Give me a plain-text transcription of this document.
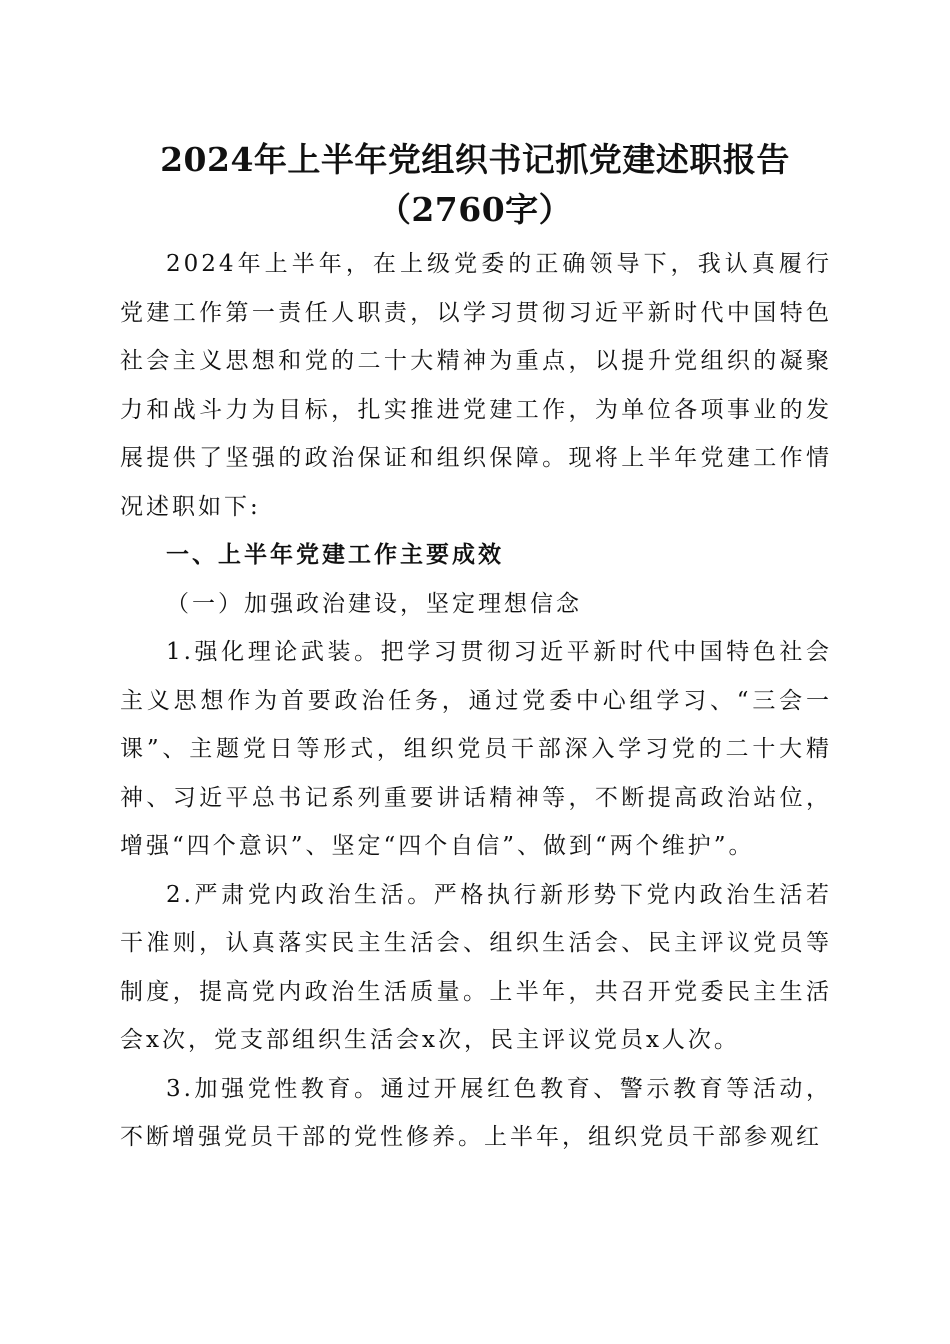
2024年上半年党组织书记抓党建述职报告
（2760字）

2024年上半年，在上级党委的正确领导下，我认真履行党建工作第一责任人职责，以学习贯彻习近平新时代中国特色社会主义思想和党的二十大精神为重点，以提升党组织的凝聚力和战斗力为目标，扎实推进党建工作，为单位各项事业的发展提供了坚强的政治保证和组织保障。现将上半年党建工作情况述职如下:

一、上半年党建工作主要成效

（一）加强政治建设，坚定理想信念

1.强化理论武装。把学习贯彻习近平新时代中国特色社会主义思想作为首要政治任务，通过党委中心组学习、“三会一课”、主题党日等形式，组织党员干部深入学习党的二十大精神、习近平总书记系列重要讲话精神等，不断提高政治站位，增强“四个意识”、坚定“四个自信”、做到“两个维护”。

2.严肃党内政治生活。严格执行新形势下党内政治生活若干准则，认真落实民主生活会、组织生活会、民主评议党员等制度，提高党内政治生活质量。上半年，共召开党委民主生活会x次，党支部组织生活会x次，民主评议党员x人次。

3.加强党性教育。通过开展红色教育、警示教育等活动，不断增强党员干部的党性修养。上半年，组织党员干部参观红
